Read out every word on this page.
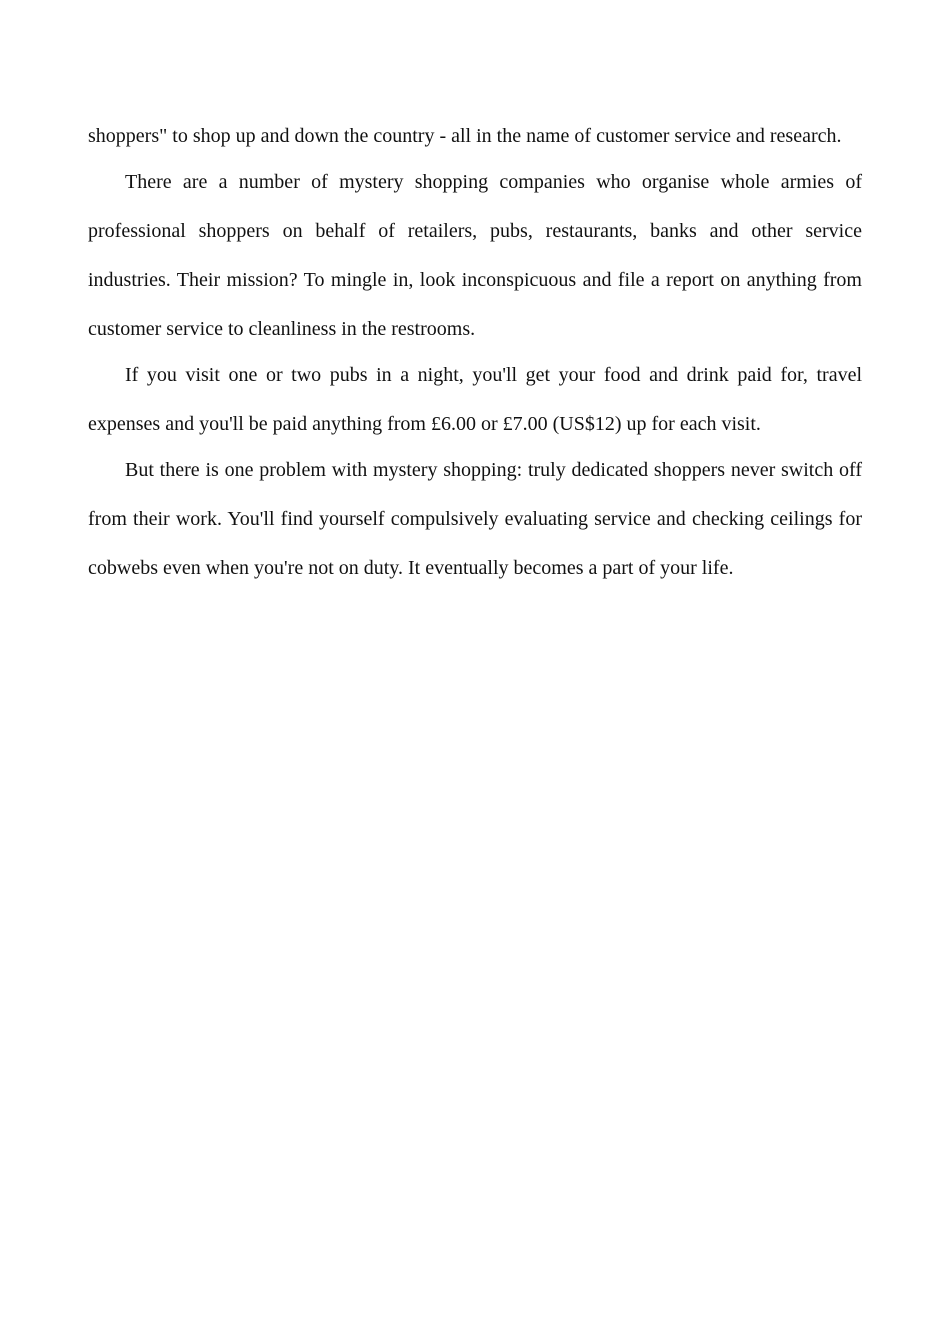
shoppers" to shop up and down the country - all in the name of customer service and research.

There are a number of mystery shopping companies who organise whole armies of professional shoppers on behalf of retailers, pubs, restaurants, banks and other service industries. Their mission? To mingle in, look inconspicuous and file a report on anything from customer service to cleanliness in the restrooms.

If you visit one or two pubs in a night, you'll get your food and drink paid for, travel expenses and you'll be paid anything from £6.00 or £7.00 (US$12) up for each visit.

But there is one problem with mystery shopping: truly dedicated shoppers never switch off from their work. You'll find yourself compulsively evaluating service and checking ceilings for cobwebs even when you're not on duty. It eventually becomes a part of your life.
